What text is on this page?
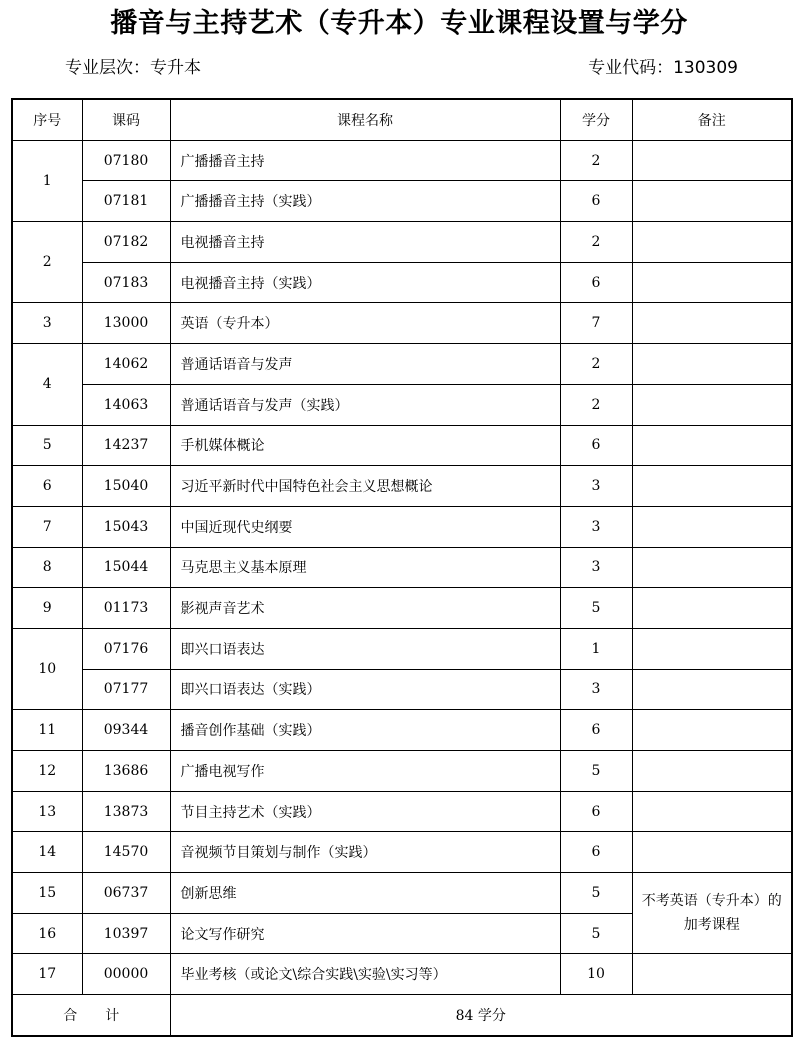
播音与主持艺术（专升本）专业课程设置与学分
专业层次：专升本	专业代码：130309
序号	课码	课程名称	学分	备注
1	07180	广播播音主持	2	
	07181	广播播音主持（实践）	6	
2	07182	电视播音主持	2	
	07183	电视播音主持（实践）	6	
3	13000	英语（专升本）	7	
4	14062	普通话语音与发声	2	
	14063	普通话语音与发声（实践）	2	
5	14237	手机媒体概论	6	
6	15040	习近平新时代中国特色社会主义思想概论	3	
7	15043	中国近现代史纲要	3	
8	15044	马克思主义基本原理	3	
9	01173	影视声音艺术	5	
10	07176	即兴口语表达	1	
	07177	即兴口语表达（实践）	3	
11	09344	播音创作基础（实践）	6	
12	13686	广播电视写作	5	
13	13873	节目主持艺术（实践）	6	
14	14570	音视频节目策划与制作（实践）	6	
15	06737	创新思维	5	不考英语（专升本）的加考课程
16	10397	论文写作研究	5	
17	00000	毕业考核（或论文\综合实践\实验\实习等）	10	
合　　计		84 学分		
